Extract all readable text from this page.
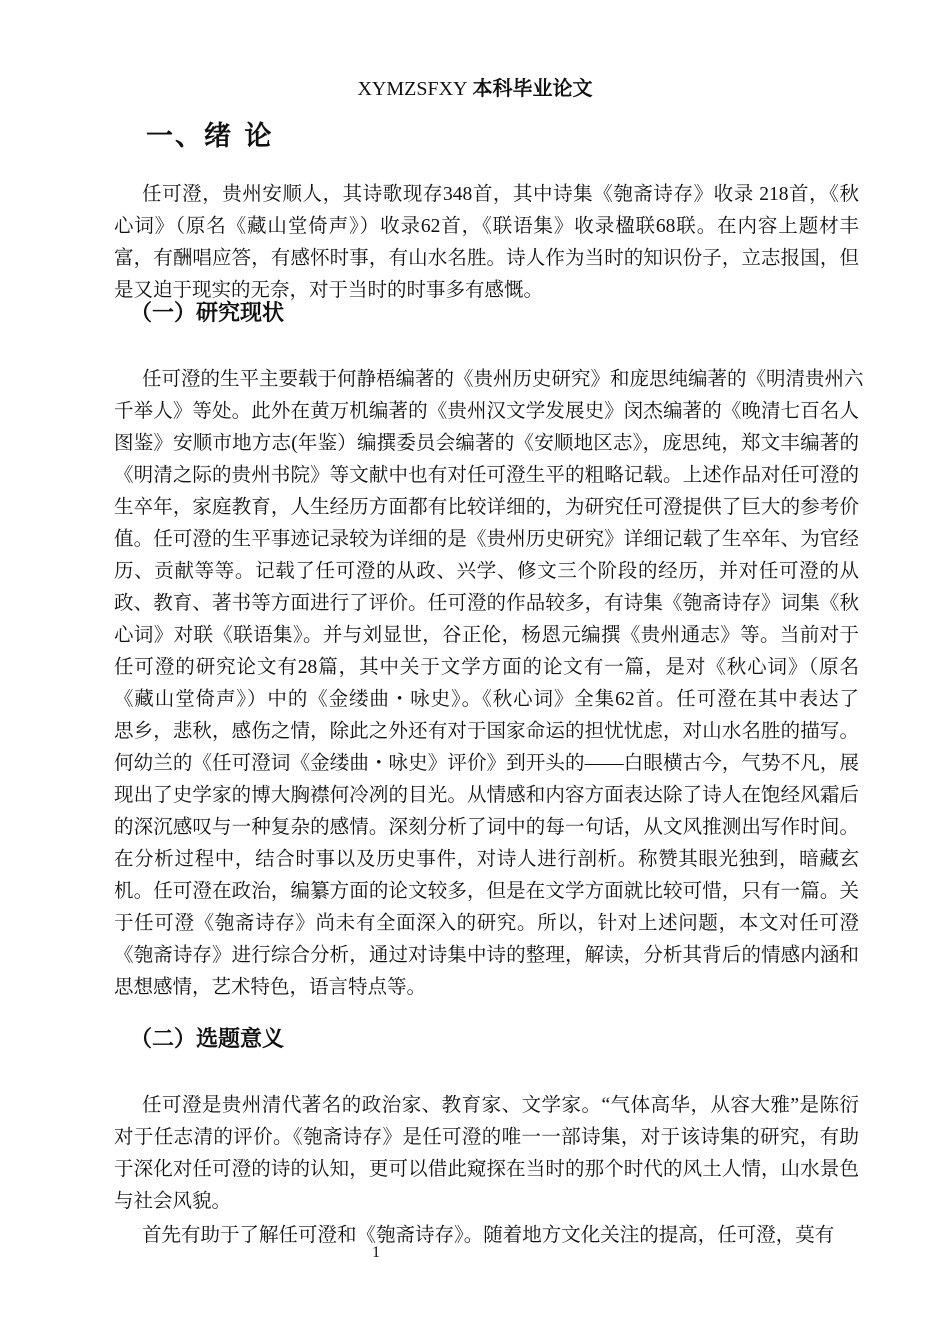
XYMZSFXY 本科毕业论文
一、绪 论
（一）研究现状
（二）选题意义
任可澄，贵州安顺人，其诗歌现存348首，其中诗集《匏斋诗存》收录 218首，《秋
心词》（原名《藏山堂倚声》）收录62首，《联语集》收录楹联68联。在内容上题材丰
富，有酬唱应答，有感怀时事，有山水名胜。诗人作为当时的知识份子，立志报国，但
是又迫于现实的无奈，对于当时的时事多有感慨。
任可澄的生平主要载于何静梧编著的《贵州历史研究》和庞思纯编著的《明清贵州六
千举人》等处。此外在黄万机编著的《贵州汉文学发展史》闵杰编著的《晚清七百名人
图鉴》安顺市地方志(年鉴）编撰委员会编著的《安顺地区志》，庞思纯，郑文丰编著的
《明清之际的贵州书院》等文献中也有对任可澄生平的粗略记载。上述作品对任可澄的
生卒年，家庭教育，人生经历方面都有比较详细的，为研究任可澄提供了巨大的参考价
值。任可澄的生平事迹记录较为详细的是《贵州历史研究》详细记载了生卒年、为官经
历、贡献等等。记载了任可澄的从政、兴学、修文三个阶段的经历，并对任可澄的从
政、教育、著书等方面进行了评价。任可澄的作品较多，有诗集《匏斋诗存》词集《秋
心词》对联《联语集》。并与刘显世，谷正伦，杨恩元编撰《贵州通志》等。当前对于
任可澄的研究论文有28篇，其中关于文学方面的论文有一篇，是对《秋心词》（原名
《藏山堂倚声》）中的《金缕曲・咏史》。《秋心词》全集62首。任可澄在其中表达了
思乡，悲秋，感伤之情，除此之外还有对于国家命运的担忧忧虑，对山水名胜的描写。
何幼兰的《任可澄词《金缕曲・咏史》评价》到开头的——白眼横古今，气势不凡，展
现出了史学家的博大胸襟何冷冽的目光。从情感和内容方面表达除了诗人在饱经风霜后
的深沉感叹与一种复杂的感情。深刻分析了词中的每一句话，从文风推测出写作时间。
在分析过程中，结合时事以及历史事件，对诗人进行剖析。称赞其眼光独到，暗藏玄
机。任可澄在政治，编纂方面的论文较多，但是在文学方面就比较可惜，只有一篇。关
于任可澄《匏斋诗存》尚未有全面深入的研究。所以，针对上述问题，本文对任可澄
《匏斋诗存》进行综合分析，通过对诗集中诗的整理，解读，分析其背后的情感内涵和
思想感情，艺术特色，语言特点等。
任可澄是贵州清代著名的政治家、教育家、文学家。“气体高华，从容大雅”是陈衍
对于任志清的评价。《匏斋诗存》是任可澄的唯一一部诗集，对于该诗集的研究，有助
于深化对任可澄的诗的认知，更可以借此窥探在当时的那个时代的风土人情，山水景色
与社会风貌。
首先有助于了解任可澄和《匏斋诗存》。随着地方文化关注的提高，任可澄，莫有
1
